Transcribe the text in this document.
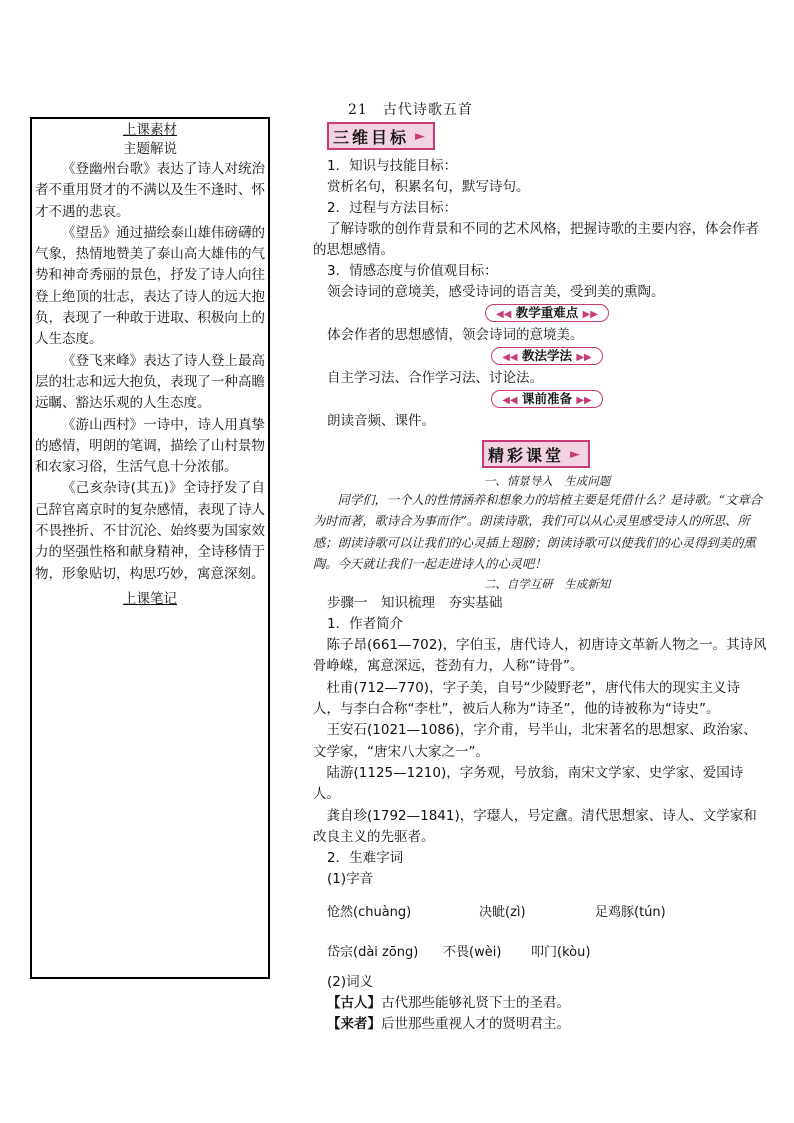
21　古代诗歌五首
上课素材
主题解说

《登幽州台歌》表达了诗人对统治者不重用贤才的不满以及生不逢时、怀才不遇的悲哀。

《望岳》通过描绘泰山雄伟磅礴的气象，热情地赞美了泰山高大雄伟的气势和神奇秀丽的景色，抒发了诗人向往登上绝顶的壮志，表达了诗人的远大抱负，表现了一种敢于进取、积极向上的人生态度。

《登飞来峰》表达了诗人登上最高层的壮志和远大抱负，表现了一种高瞻远瞩、豁达乐观的人生态度。

《游山西村》一诗中，诗人用真挚的感情，明朗的笔调，描绘了山村景物和农家习俗，生活气息十分浓郁。

《己亥杂诗(其五)》全诗抒发了自己辞官离京时的复杂感情，表现了诗人不畏挫折、不甘沉沦、始终要为国家效力的坚强性格和献身精神，全诗移情于物，形象贴切，构思巧妙，寓意深刻。

上课笔记
三维目标 ►
1．知识与技能目标：
赏析名句，积累名句，默写诗句。
2．过程与方法目标：
了解诗歌的创作背景和不同的艺术风格，把握诗歌的主要内容，体会作者的思想感情。
3．情感态度与价值观目标：
领会诗词的意境美，感受诗词的语言美，受到美的熏陶。
◀◀ 教学重难点 ▶▶
体会作者的思想感情，领会诗词的意境美。
◀◀ 教法学法 ▶▶
自主学习法、合作学习法、讨论法。
◀◀ 课前准备 ▶▶
朗读音频、课件。
精彩课堂 ►
一、情景导入　生成问题

同学们，一个人的性情涵养和想象力的培植主要是凭借什么？是诗歌。“文章合为时而著，歌诗合为事而作”。朗读诗歌，我们可以从心灵里感受诗人的所思、所感；朗读诗歌可以让我们的心灵插上翅膀；朗读诗歌可以使我们的心灵得到美的熏陶。今天就让我们一起走进诗人的心灵吧！

二、自学互研　生成新知
步骤一　知识梳理　夯实基础
1．作者简介

陈子昂(661—702)，字伯玉，唐代诗人，初唐诗文革新人物之一。其诗风骨峥嵘，寓意深远，苍劲有力，人称“诗骨”。

杜甫(712—770)，字子美，自号“少陵野老”，唐代伟大的现实主义诗人，与李白合称“李杜”，被后人称为“诗圣”，他的诗被称为“诗史”。

王安石(1021—1086)，字介甫，号半山，北宋著名的思想家、政治家、文学家，“唐宋八大家之一”。

陆游(1125—1210)，字务观，号放翁，南宋文学家、史学家、爱国诗人。

龚自珍(1792—1841)，字璱人，号定盦。清代思想家、诗人、文学家和改良主义的先驱者。

2．生难字词
(1)字音
怆然(chuàng)	决眦(zì)	足鸡豚(tún)
岱宗(dài zōng)	不畏(wèi)	叩门(kòu)
(2)词义
【古人】古代那些能够礼贤下士的圣君。
【来者】后世那些重视人才的贤明君主。
